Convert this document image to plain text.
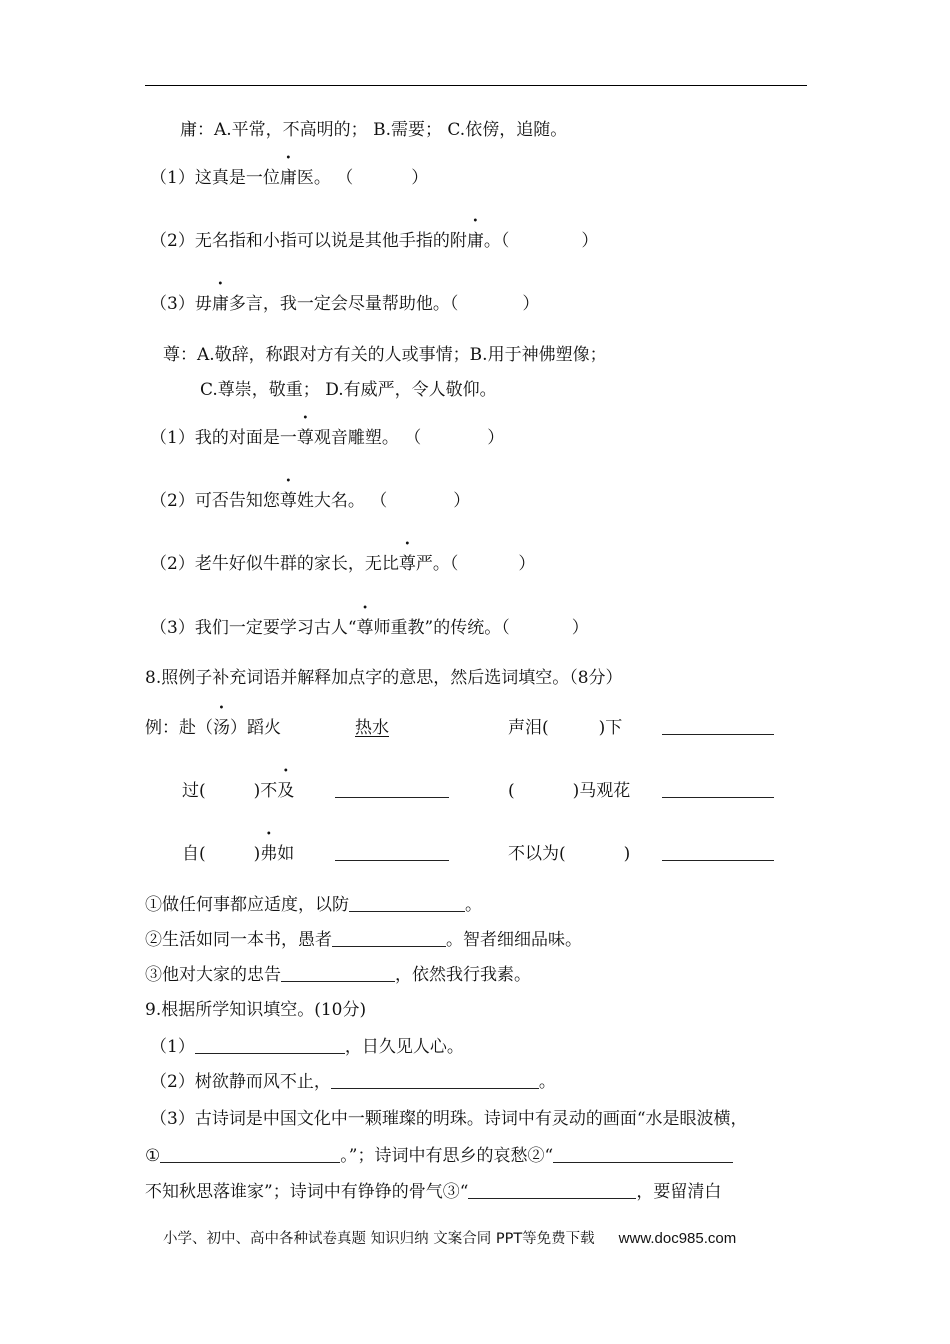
庸：A.平常，不高明的； B.需要； C.依傍，追随。
（1）这真是一位庸医。 （	）
（2）无名指和小指可以说是其他手指的附庸。（	）
（3）毋庸多言，我一定会尽量帮助他。（	）
尊：A.敬辞，称跟对方有关的人或事情；B.用于神佛塑像；
C.尊崇，敬重； D.有威严，令人敬仰。
（1）我的对面是一尊观音雕塑。 （	）
（2）可否告知您尊姓大名。 （	）
（2）老牛好似牛群的家长，无比尊严。（	）
（3）我们一定要学习古人“尊师重教”的传统。（	）
8.照例子补充词语并解释加点字的意思，然后选词填空。（8分）
例：赴（汤）蹈火	热水	声泪(	)下
过(	)不及	(	)马观花
自(	)弗如	不以为(	)
①做任何事都应适度，以防	。
②生活如同一本书，愚者	。智者细细品味。
③他对大家的忠告	，依然我行我素。
9.根据所学知识填空。(10分)
（1）	，日久见人心。
（2）树欲静而风不止，	。
（3）古诗词是中国文化中一颗璀璨的明珠。诗词中有灵动的画面“水是眼波横，
①	。”；诗词中有思乡的哀愁②“
不知秋思落谁家”；诗词中有铮铮的骨气③“	，要留清白
小学、初中、高中各种试卷真题 知识归纳 文案合同 PPT等免费下载 www.doc985.com
